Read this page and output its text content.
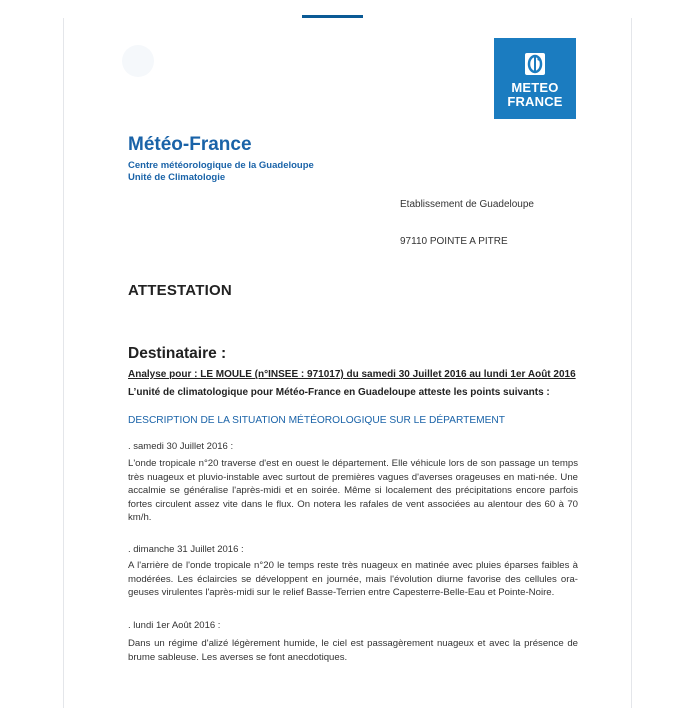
METEO
FRANCE
Météo-France
Centre météorologique de la Guadeloupe
Unité de Climatologie
Etablissement de Guadeloupe
97110 POINTE A PITRE
ATTESTATION
Destinataire :
Analyse pour : LE MOULE (n°INSEE : 971017) du samedi 30 Juillet 2016 au lundi 1er Août 2016
L’unité de climatologique pour Météo-France en Guadeloupe atteste les points suivants :
DESCRIPTION DE LA SITUATION MÉTÉOROLOGIQUE SUR LE DÉPARTEMENT
. samedi 30 Juillet 2016 :
L'onde tropicale n°20 traverse d'est en ouest le département. Elle véhicule lors de son passage un temps très nuageux et pluvio-instable avec surtout de premières vagues d'averses orageuses en mati-née. Une accalmie se généralise l'après-midi et en soirée. Même si localement des précipitations encore parfois fortes circulent assez vite dans le flux. On notera les rafales de vent associées au alentour des 60 à 70 km/h.
. dimanche 31 Juillet 2016 :
A l'arrière de l'onde tropicale n°20 le temps reste très nuageux en matinée avec pluies éparses faibles à modérées. Les éclaircies se développent en journée, mais l'évolution diurne favorise des cellules ora-geuses virulentes l'après-midi sur le relief Basse-Terrien entre Capesterre-Belle-Eau et Pointe-Noire.
. lundi 1er Août 2016 :
Dans un régime d'alizé légèrement humide, le ciel est passagèrement nuageux et avec la présence de brume sableuse. Les averses se font anecdotiques.
